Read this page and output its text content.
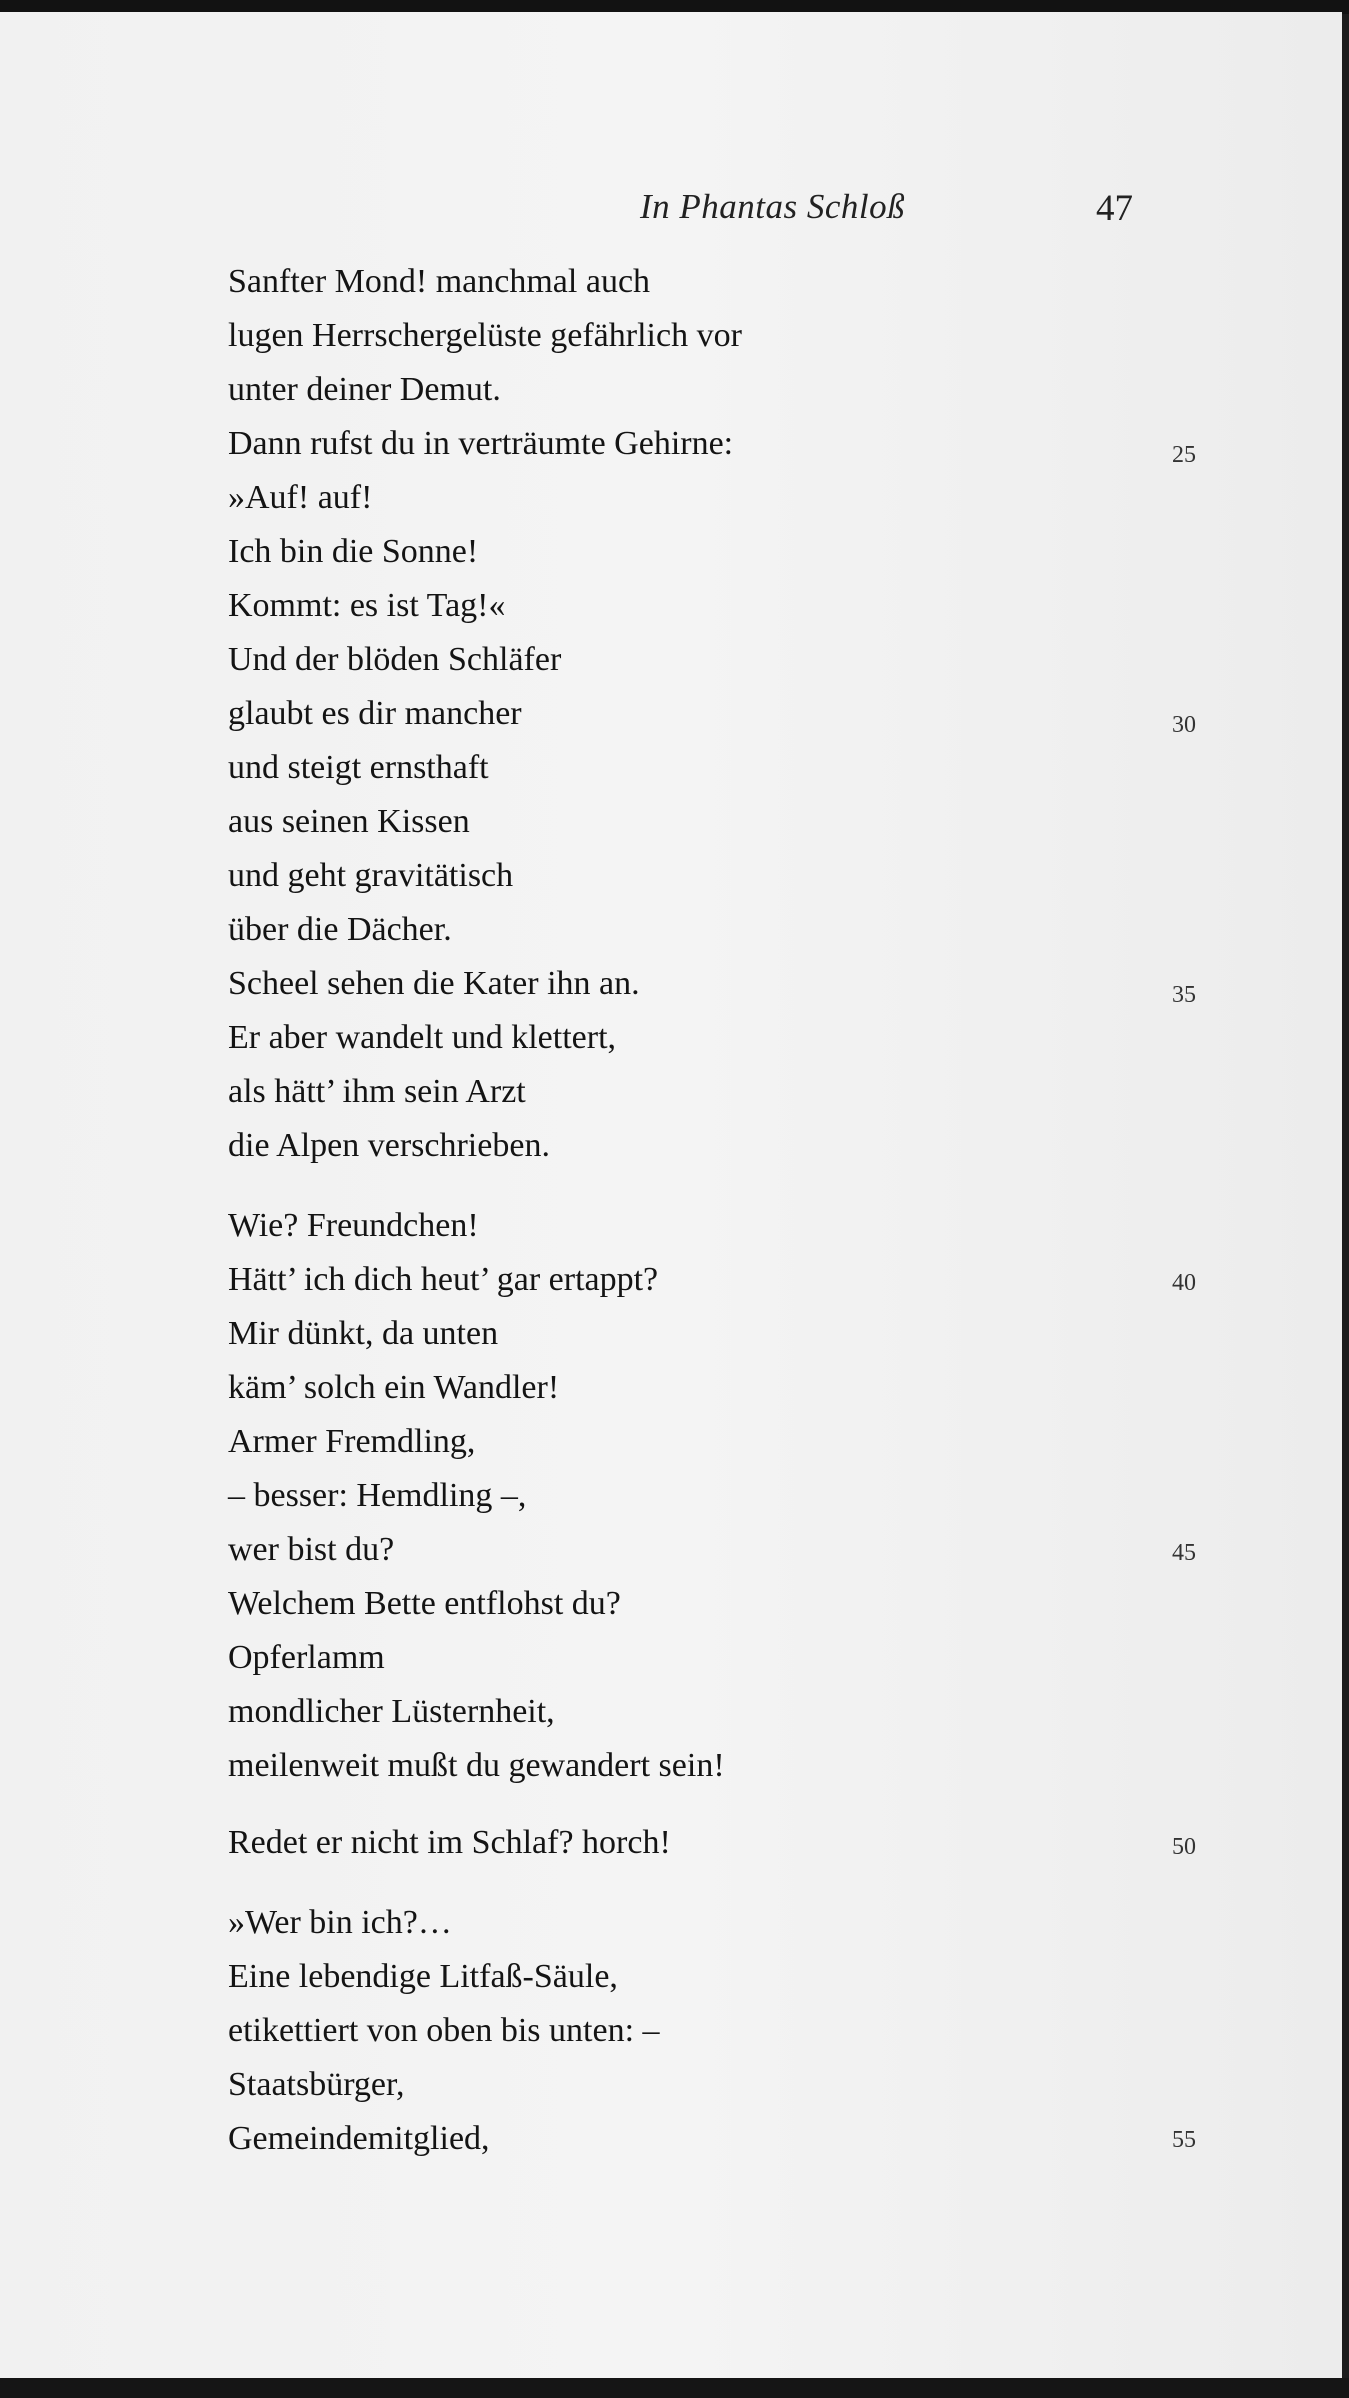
In Phantas Schloß	47
Sanfter Mond! manchmal auch
lugen Herrschergelüste gefährlich vor
unter deiner Demut.
Dann rufst du in verträumte Gehirne:
»Auf! auf!
Ich bin die Sonne!
Kommt: es ist Tag!«
Und der blöden Schläfer
glaubt es dir mancher
und steigt ernsthaft
aus seinen Kissen
und geht gravitätisch
über die Dächer.
Scheel sehen die Kater ihn an.
Er aber wandelt und klettert,
als hätt’ ihm sein Arzt
die Alpen verschrieben.
Wie? Freundchen!
Hätt’ ich dich heut’ gar ertappt?
Mir dünkt, da unten
käm’ solch ein Wandler!
Armer Fremdling,
– besser: Hemdling –,
wer bist du?
Welchem Bette entflohst du?
Opferlamm
mondlicher Lüsternheit,
meilenweit mußt du gewandert sein!
Redet er nicht im Schlaf? horch!
»Wer bin ich?…
Eine lebendige Litfaß-Säule,
etikettiert von oben bis unten: –
Staatsbürger,
Gemeindemitglied,
25
30
35
40
45
50
55
